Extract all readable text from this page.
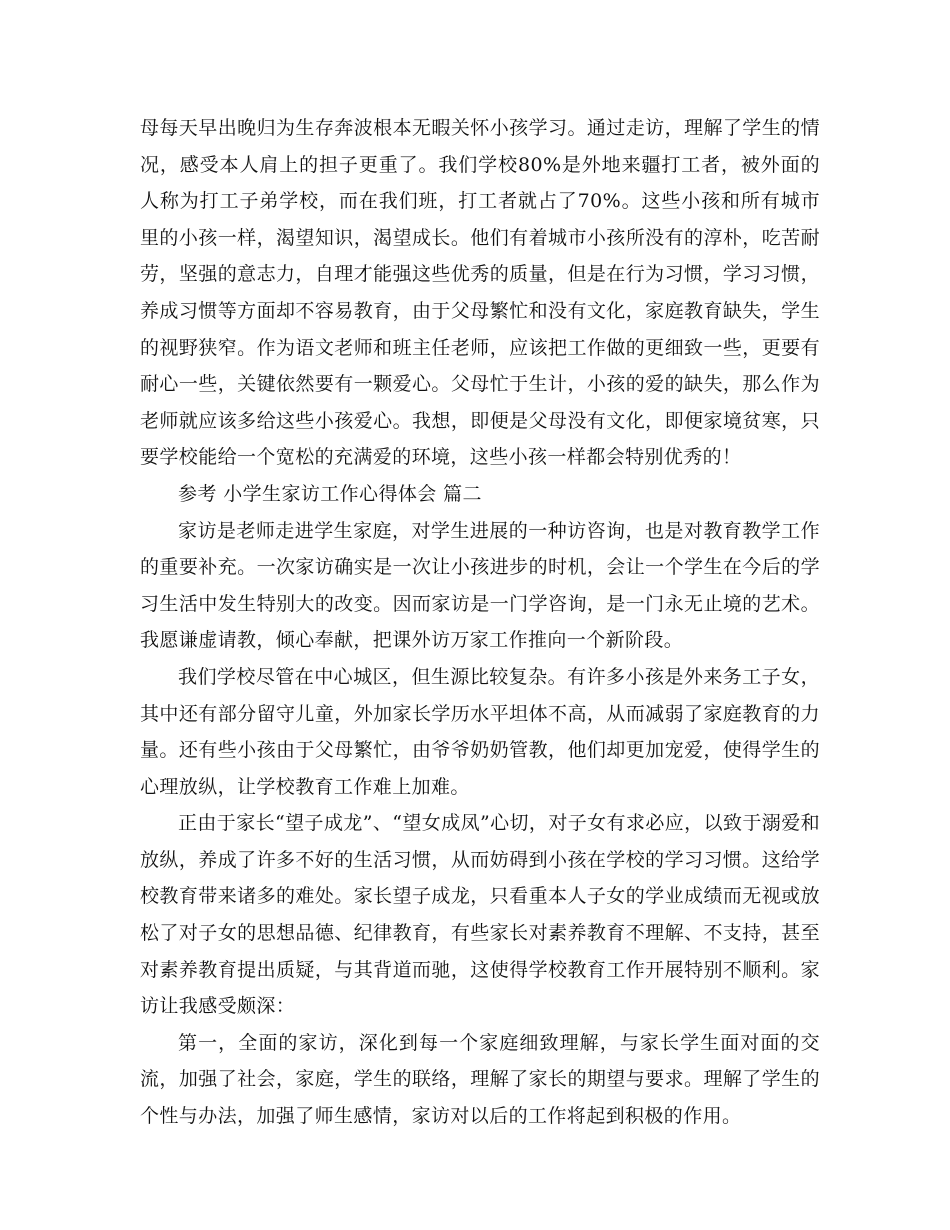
母每天早出晚归为生存奔波根本无暇关怀小孩学习。通过走访，理解了学生的情况，感受本人肩上的担子更重了。我们学校80%是外地来疆打工者，被外面的人称为打工子弟学校，而在我们班，打工者就占了70%。这些小孩和所有城市里的小孩一样，渴望知识，渴望成长。他们有着城市小孩所没有的淳朴，吃苦耐劳，坚强的意志力，自理才能强这些优秀的质量，但是在行为习惯，学习习惯，养成习惯等方面却不容易教育，由于父母繁忙和没有文化，家庭教育缺失，学生的视野狭窄。作为语文老师和班主任老师，应该把工作做的更细致一些，更要有耐心一些，关键依然要有一颗爱心。父母忙于生计，小孩的爱的缺失，那么作为老师就应该多给这些小孩爱心。我想，即便是父母没有文化，即便家境贫寒，只要学校能给一个宽松的充满爱的环境，这些小孩一样都会特别优秀的！

参考 小学生家访工作心得体会 篇二

家访是老师走进学生家庭，对学生进展的一种访咨询，也是对教育教学工作的重要补充。一次家访确实是一次让小孩进步的时机，会让一个学生在今后的学习生活中发生特别大的改变。因而家访是一门学咨询，是一门永无止境的艺术。我愿谦虚请教，倾心奉献，把课外访万家工作推向一个新阶段。

我们学校尽管在中心城区，但生源比较复杂。有许多小孩是外来务工子女，其中还有部分留守儿童，外加家长学历水平坦体不高，从而减弱了家庭教育的力量。还有些小孩由于父母繁忙，由爷爷奶奶管教，他们却更加宠爱，使得学生的心理放纵，让学校教育工作难上加难。

正由于家长“望子成龙”、“望女成凤”心切，对子女有求必应，以致于溺爱和放纵，养成了许多不好的生活习惯，从而妨碍到小孩在学校的学习习惯。这给学校教育带来诸多的难处。家长望子成龙，只看重本人子女的学业成绩而无视或放松了对子女的思想品德、纪律教育，有些家长对素养教育不理解、不支持，甚至对素养教育提出质疑，与其背道而驰，这使得学校教育工作开展特别不顺利。家访让我感受颇深：

第一，全面的家访，深化到每一个家庭细致理解，与家长学生面对面的交流，加强了社会，家庭，学生的联络，理解了家长的期望与要求。理解了学生的个性与办法，加强了师生感情，家访对以后的工作将起到积极的作用。
